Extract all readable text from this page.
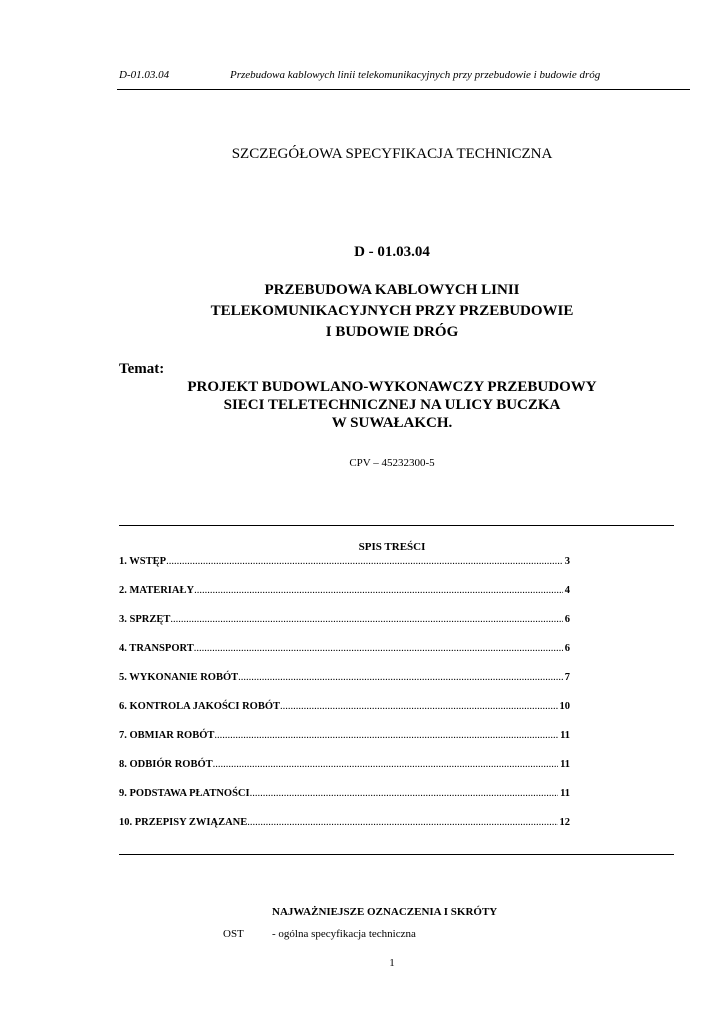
D-01.03.04	Przebudowa kablowych linii telekomunikacyjnych przy przebudowie i budowie dróg
SZCZEGÓŁOWA SPECYFIKACJA TECHNICZNA
D - 01.03.04
PRZEBUDOWA KABLOWYCH LINII
TELEKOMUNIKACYJNYCH PRZY PRZEBUDOWIE
I BUDOWIE DRÓG
Temat:
PROJEKT BUDOWLANO-WYKONAWCZY PRZEBUDOWY
SIECI TELETECHNICZNEJ NA ULICY BUCZKA
W SUWAŁAKCH.
CPV – 45232300-5
SPIS TREŚCI
1. WSTĘP .....	3
2. MATERIAŁY .....	4
3. SPRZĘT .....	6
4. TRANSPORT .....	6
5. WYKONANIE ROBÓT .....	7
6. KONTROLA JAKOŚCI ROBÓT .....	10
7. OBMIAR ROBÓT .....	11
8. ODBIÓR ROBÓT .....	11
9. PODSTAWA PŁATNOŚCI .....	11
10. PRZEPISY ZWIĄZANE .....	12
NAJWAŻNIEJSZE OZNACZENIA I SKRÓTY
OST	- ogólna specyfikacja techniczna
1
